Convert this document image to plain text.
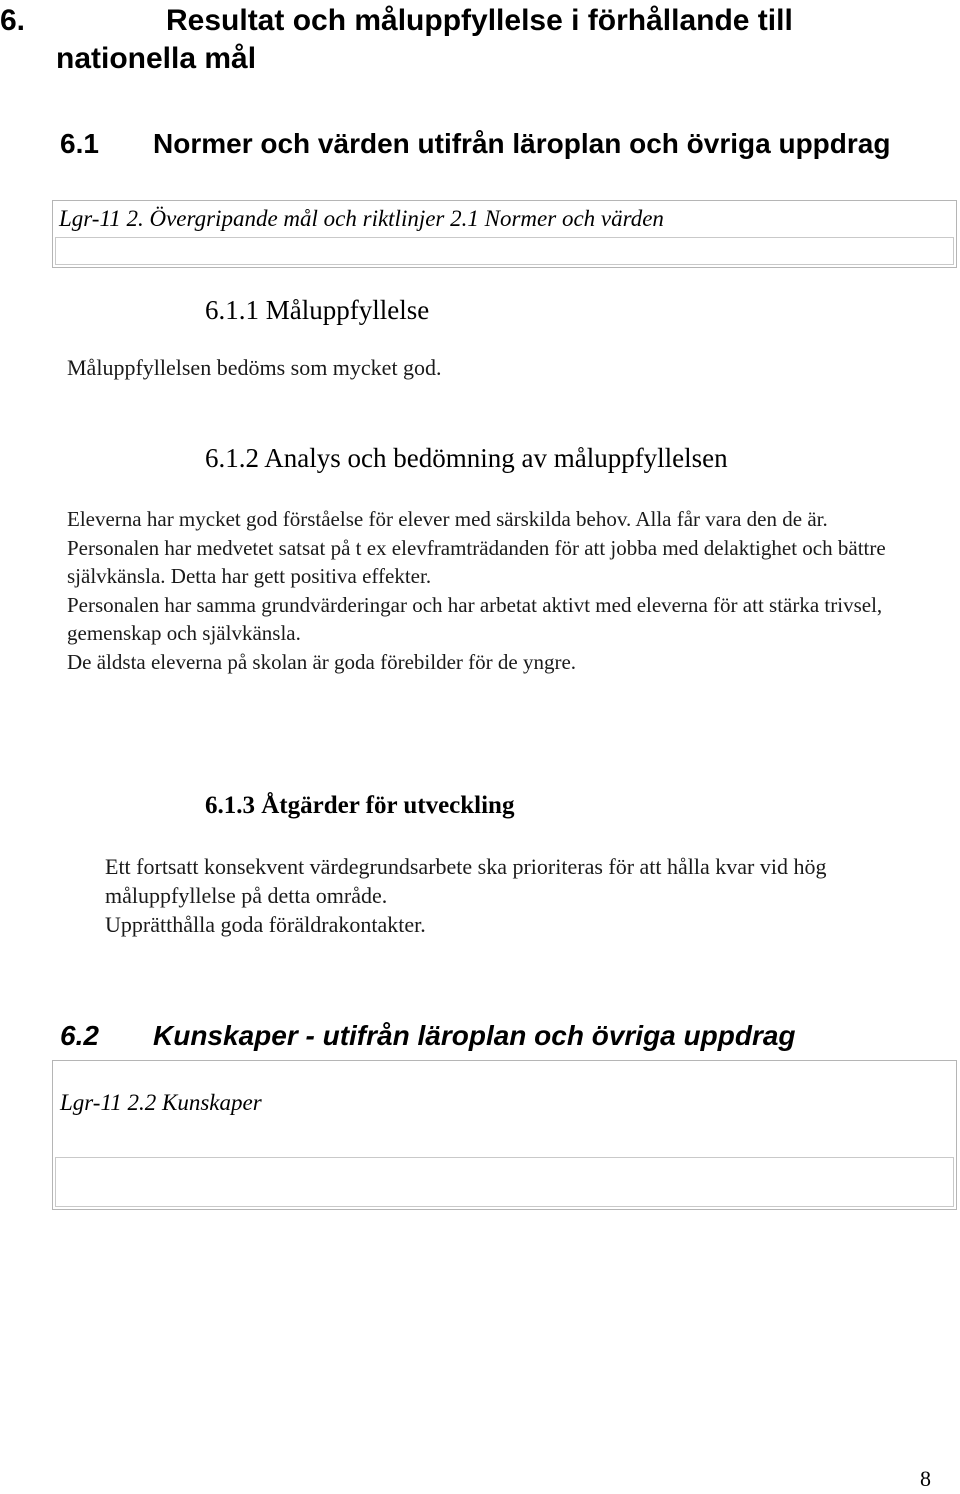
6.	Resultat och måluppfyllelse i förhållande till
nationella mål
6.1 Normer och värden utifrån läroplan och övriga uppdrag
Lgr-11 2. Övergripande mål och riktlinjer 2.1 Normer och värden
6.1.1 Måluppfyllelse

Måluppfyllelsen bedöms som mycket god.

6.1.2 Analys och bedömning av måluppfyllelsen

Eleverna har mycket god förståelse för elever med särskilda behov. Alla får vara den de är.

Personalen har medvetet satsat på t ex elevframträdanden för att jobba med delaktighet och bättre självkänsla. Detta har gett positiva effekter.

Personalen har samma grundvärderingar och har arbetat aktivt med eleverna för att stärka trivsel, gemenskap och självkänsla.

De äldsta eleverna på skolan är goda förebilder för de yngre.

6.1.3 Åtgärder för utveckling

Ett fortsatt konsekvent värdegrundsarbete ska prioriteras för att hålla kvar vid hög måluppfyllelse på detta område.

Upprätthålla goda föräldrakontakter.

6.2 Kunskaper - utifrån läroplan och övriga uppdrag
Lgr-11 2.2 Kunskaper
8
